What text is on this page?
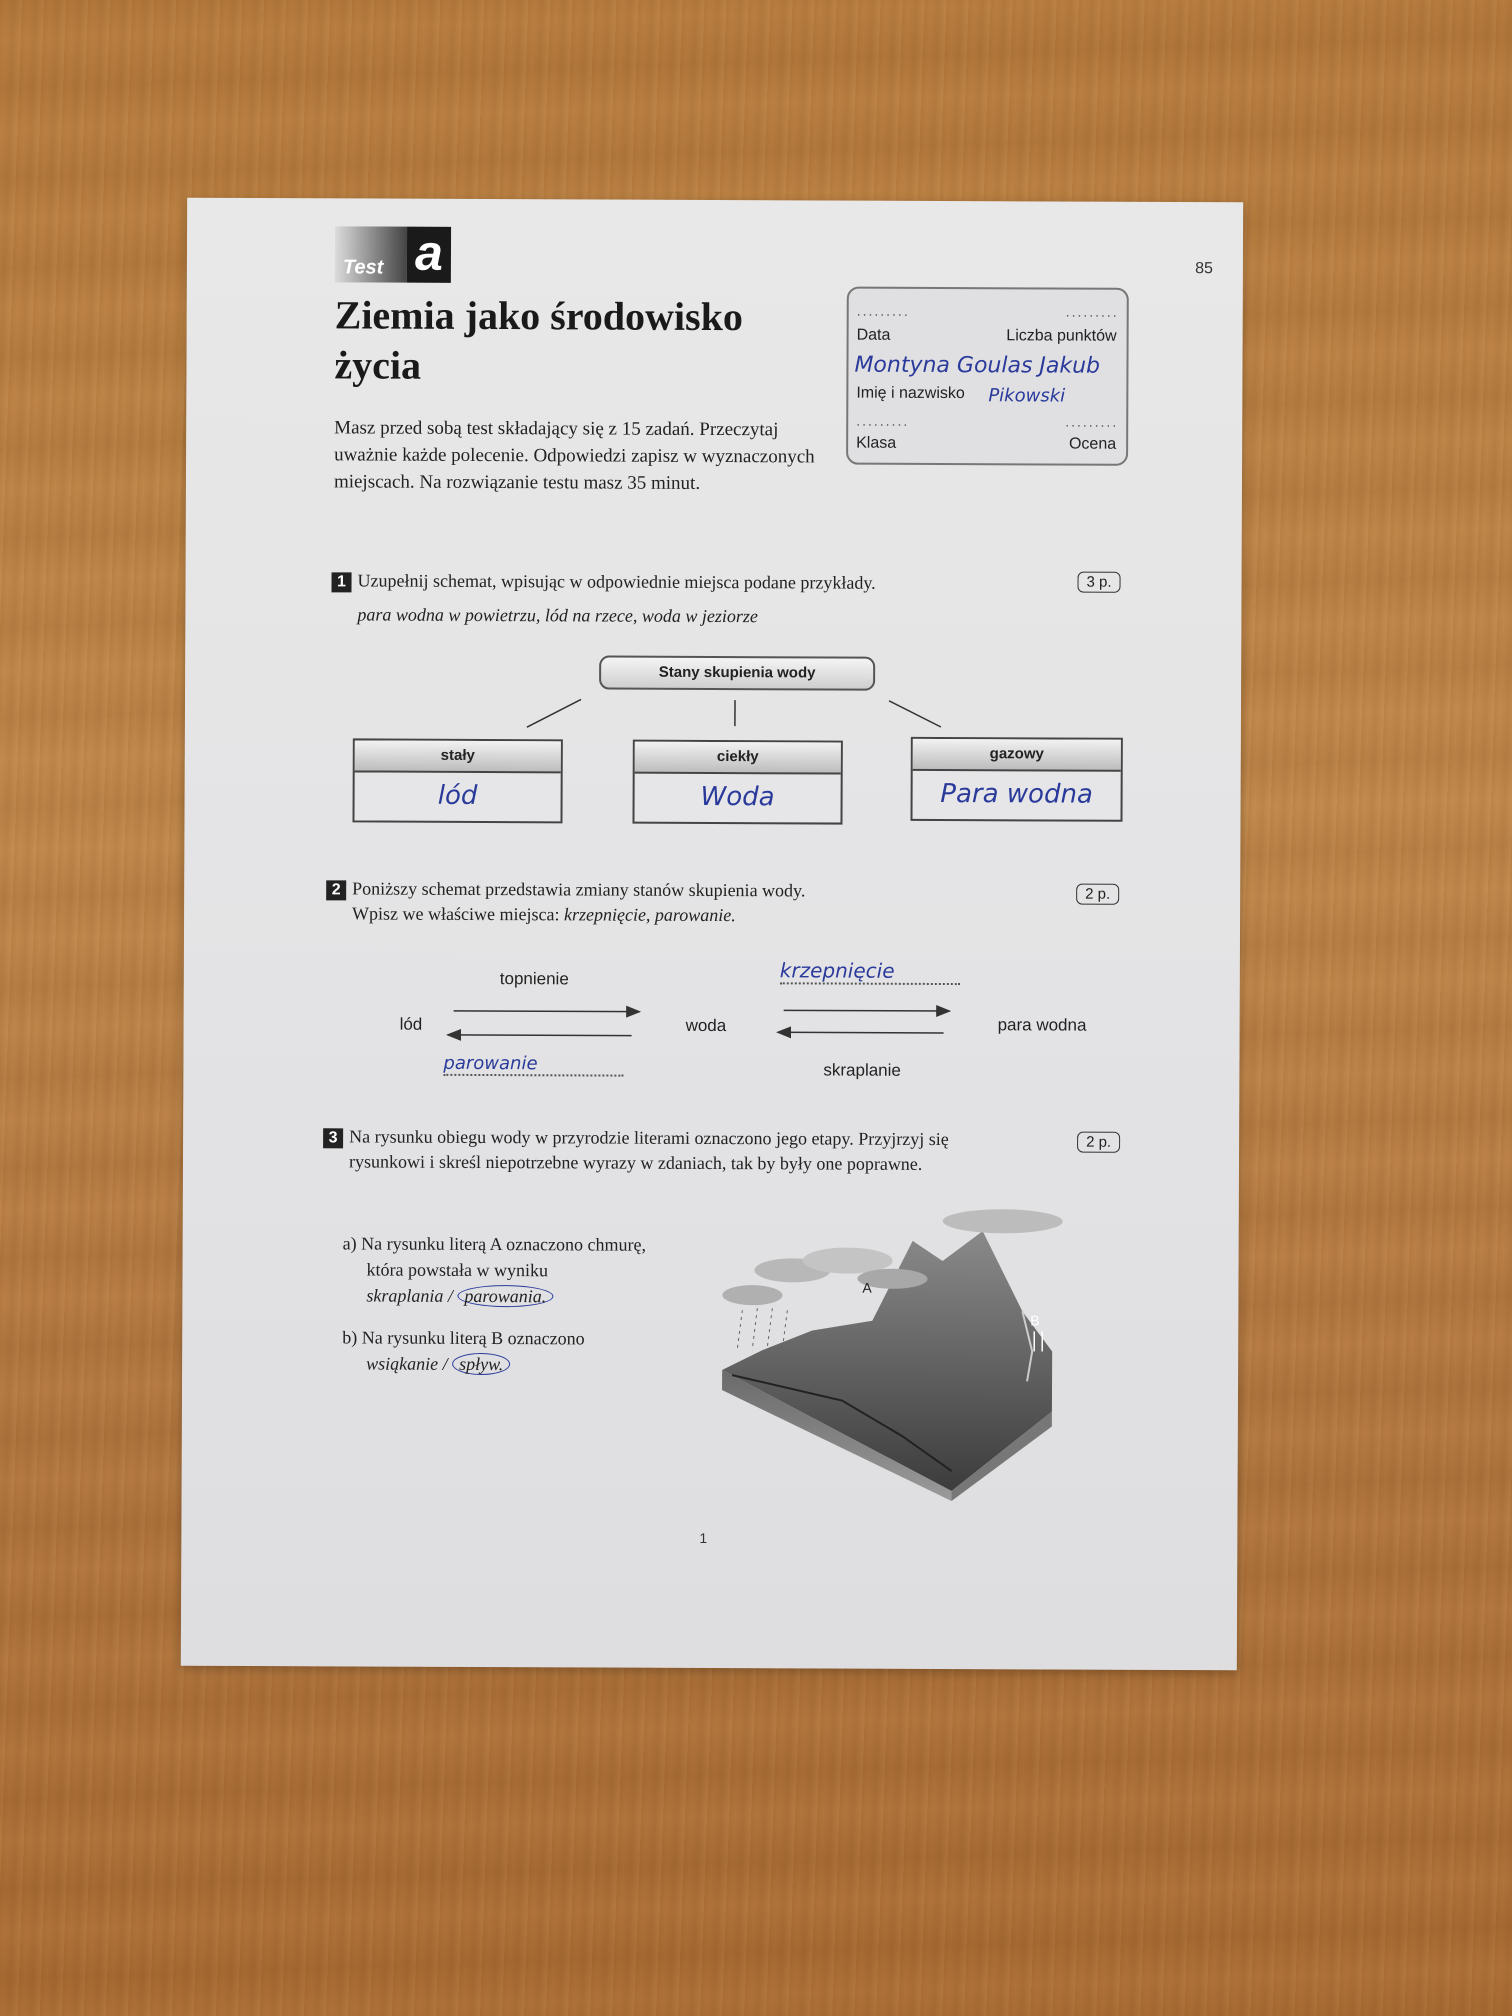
Test a	85
Ziemia jako środowisko
życia
Masz przed sobą test składający się z 15 zadań. Przeczytaj uważnie każde polecenie. Odpowiedzi zapisz w wyznaczonych miejscach. Na rozwiązanie testu masz 35 minut.
.........	.........
Data	Liczba punktów
Montyna Goulas Jakub
Imię i nazwisko Pikowski
.........	.........
Klasa	Ocena
1 Uzupełnij schemat, wpisując w odpowiednie miejsca podane przykłady.	3 p.
para wodna w powietrzu, lód na rzece, woda w jeziorze
Stany skupienia wody
stały
lód
ciekły
Woda
gazowy
Para wodna
2 Poniższy schemat przedstawia zmiany stanów skupienia wody.
Wpisz we właściwe miejsca: krzepnięcie, parowanie.
2 p.
topnienie
lód	woda	para wodna
skraplanie
krzepnięcie
parowanie
3 Na rysunku obiegu wody w przyrodzie literami oznaczono jego etapy. Przyjrzyj się
rysunkowi i skreśl niepotrzebne wyrazy w zdaniach, tak by były one poprawne.
2 p.
a) Na rysunku literą A oznaczono chmurę,
która powstała w wyniku
skraplania / parowania.
b) Na rysunku literą B oznaczono
wsiąkanie / spływ.
A
B
1
